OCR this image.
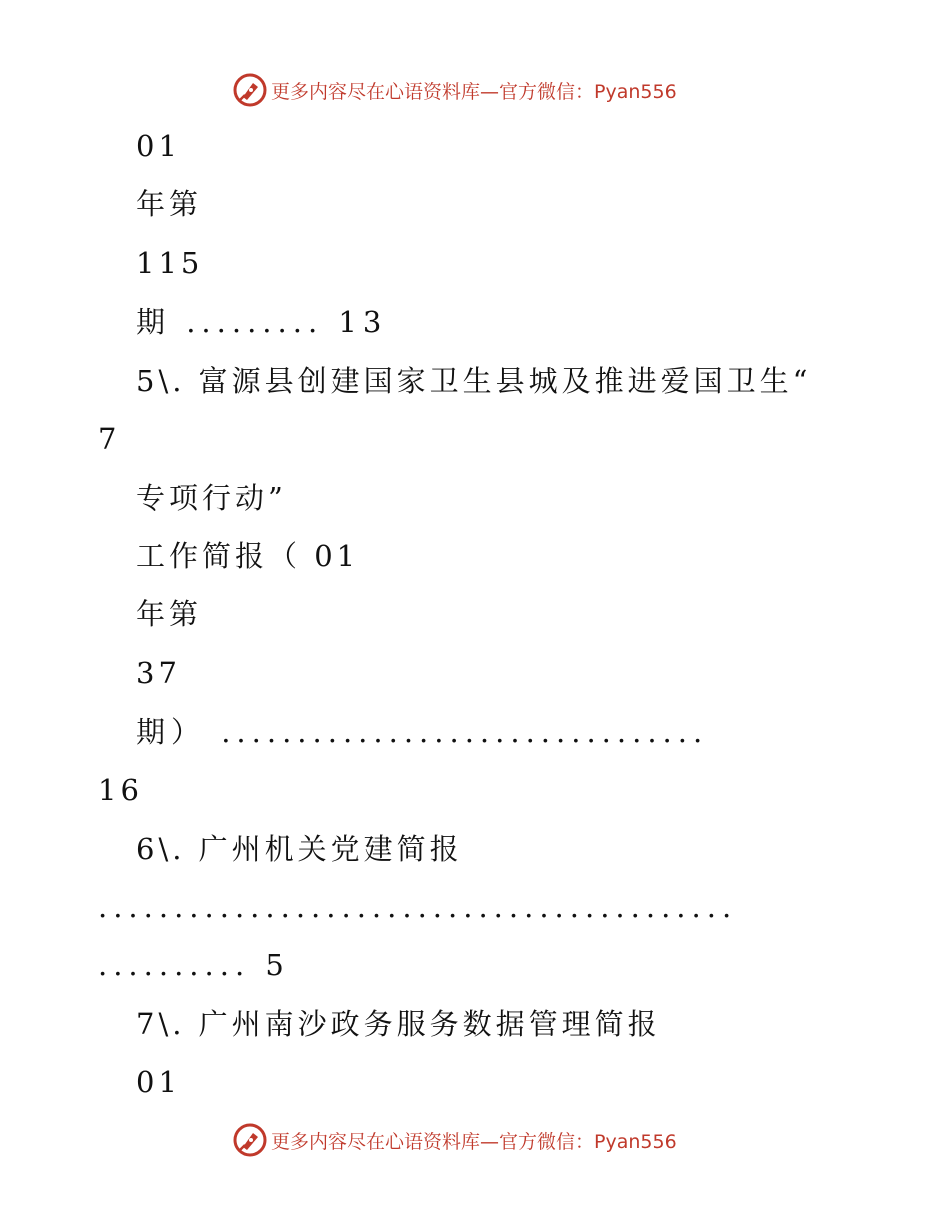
更多内容尽在心语资料库—官方微信：Pyan556
01
年第
115
期 ......... 13
5\. 富源县创建国家卫生县城及推进爱国卫生“
7
专项行动”
工作简报（ 01
年第
37
期） ................................
16
6\. 广州机关党建简报
..........................................
.......... 5
7\. 广州南沙政务服务数据管理简报
01
更多内容尽在心语资料库—官方微信：Pyan556
